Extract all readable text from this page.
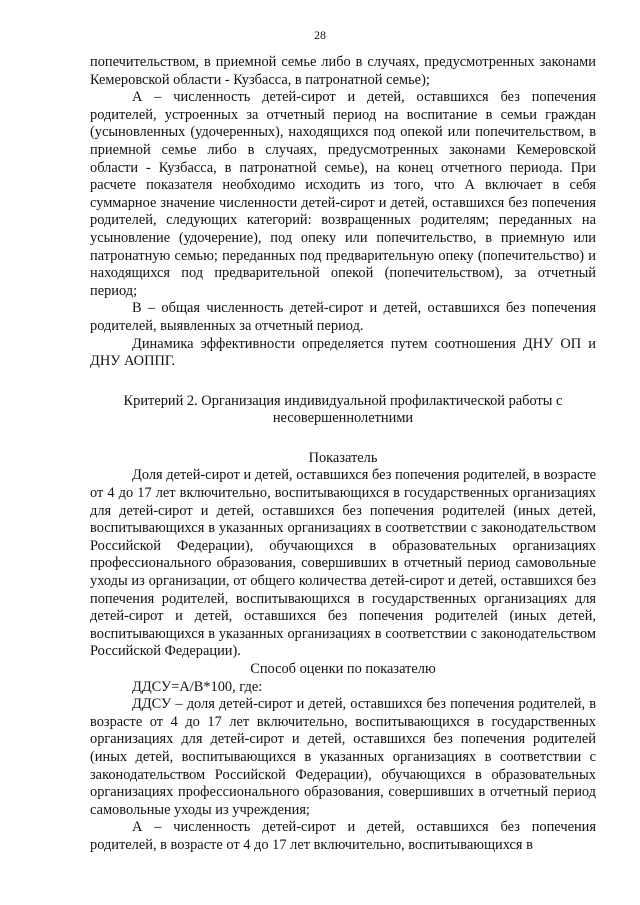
28

попечительством, в приемной семье либо в случаях, предусмотренных законами Кемеровской области - Кузбасса, в патронатной семье);

А – численность детей-сирот и детей, оставшихся без попечения родителей, устроенных за отчетный период на воспитание в семьи граждан (усыновленных (удочеренных), находящихся под опекой или попечительством, в приемной семье либо в случаях, предусмотренных законами Кемеровской области - Кузбасса, в патронатной семье), на конец отчетного периода. При расчете показателя необходимо исходить из того, что А включает в себя суммарное значение численности детей-сирот и детей, оставшихся без попечения родителей, следующих категорий: возвращенных родителям; переданных на усыновление (удочерение), под опеку или попечительство, в приемную или патронатную семью; переданных под предварительную опеку (попечительство) и находящихся под предварительной опекой (попечительством), за отчетный период;

В – общая численность детей-сирот и детей, оставшихся без попечения родителей, выявленных за отчетный период.

Динамика эффективности определяется путем соотношения ДНУ ОП и ДНУ АОППГ.

Критерий 2. Организация индивидуальной профилактической работы с несовершеннолетними

Показатель

Доля детей-сирот и детей, оставшихся без попечения родителей, в возрасте от 4 до 17 лет включительно, воспитывающихся в государственных организациях для детей-сирот и детей, оставшихся без попечения родителей (иных детей, воспитывающихся в указанных организациях в соответствии с законодательством Российской Федерации), обучающихся в образовательных организациях профессионального образования, совершивших в отчетный период самовольные уходы из организации, от общего количества детей-сирот и детей, оставшихся без попечения родителей, воспитывающихся в государственных организациях для детей-сирот и детей, оставшихся без попечения родителей (иных детей, воспитывающихся в указанных организациях в соответствии с законодательством Российской Федерации).

Способ оценки по показателю

ДДСУ=А/В*100, где:

ДДСУ – доля детей-сирот и детей, оставшихся без попечения родителей, в возрасте от 4 до 17 лет включительно, воспитывающихся в государственных организациях для детей-сирот и детей, оставшихся без попечения родителей (иных детей, воспитывающихся в указанных организациях в соответствии с законодательством Российской Федерации), обучающихся в образовательных организациях профессионального образования, совершивших в отчетный период самовольные уходы из учреждения;

А – численность детей-сирот и детей, оставшихся без попечения родителей, в возрасте от 4 до 17 лет включительно, воспитывающихся в
